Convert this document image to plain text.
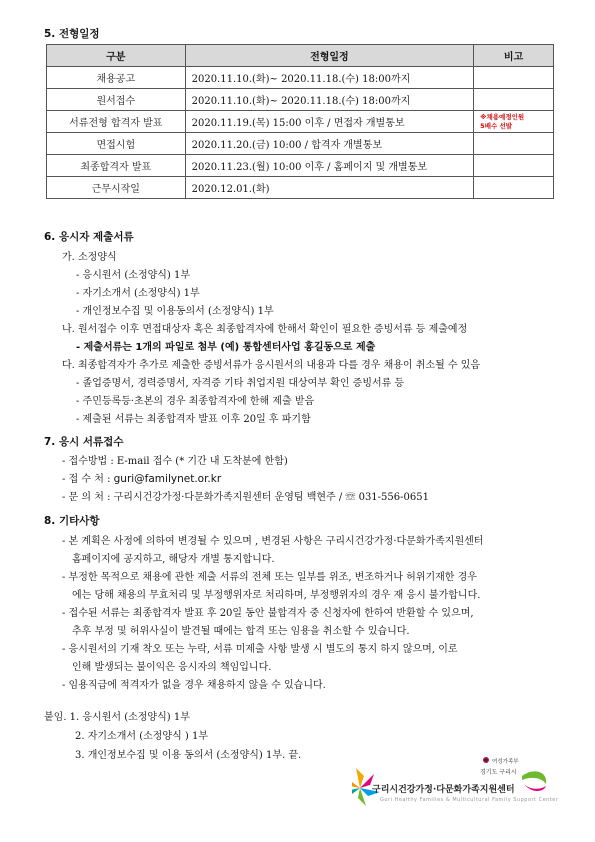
5. 전형일정
구분	전형일정	비고
채용공고	2020.11.10.(화)~ 2020.11.18.(수) 18:00까지	
원서접수	2020.11.10.(화)~ 2020.11.18.(수) 18:00까지	
서류전형 합격자 발표	2020.11.19.(목) 15:00 이후 / 면접자 개별통보	※채용예정인원
5배수 선발

면접시험	2020.11.20.(금) 10:00 / 합격자 개별통보	
최종합격자 발표	2020.11.23.(월) 10:00 이후 / 홈페이지 및 개별통보	
근무시작일	2020.12.01.(화)	
6. 응시자 제출서류
가. 소정양식
- 응시원서 (소정양식) 1부
- 자기소개서 (소정양식) 1부
- 개인정보수집 및 이용동의서 (소정양식) 1부
나. 원서접수 이후 면접대상자 혹은 최종합격자에 한해서 확인이 필요한 증빙서류 등 제출예정
- 제출서류는 1개의 파일로 첨부 (예) 통합센터사업 홍길동으로 제출
다. 최종합격자가 추가로 제출한 증빙서류가 응시원서의 내용과 다를 경우 채용이 취소될 수 있음
- 졸업증명서, 경력증명서, 자격증 기타 취업지원 대상여부 확인 증빙서류 등
- 주민등록등·초본의 경우 최종합격자에 한해 제출 받음
- 제출된 서류는 최종합격자 발표 이후 20일 후 파기함
7. 응시 서류접수
- 접수방법 : E-mail 접수 (* 기간 내 도착분에 한함)
- 접 수 처 : guri@familynet.or.kr
- 문 의 처 : 구리시건강가정·다문화가족지원센터 운영팀 백현주 / ☏ 031-556-0651
8. 기타사항
- 본 계획은 사정에 의하여 변경될 수 있으며 , 변경된 사항은 구리시건강가정·다문화가족지원센터
홈페이지에 공지하고, 해당자 개별 통지합니다.
- 부정한 목적으로 채용에 관한 제출 서류의 전체 또는 일부를 위조, 변조하거나 허위기재한 경우
에는 당해 채용의 무효처리 및 부정행위자로 처리하며, 부정행위자의 경우 재 응시 불가합니다.
- 접수된 서류는 최종합격자 발표 후 20일 동안 불합격자 중 신청자에 한하여 반환할 수 있으며,
추후 부정 및 허위사실이 발견될 때에는 합격 또는 임용을 취소할 수 있습니다.
- 응시원서의 기재 착오 또는 누락, 서류 미제출 사항 발생 시 별도의 통지 하지 않으며, 이로
인해 발생되는 불이익은 응시자의 책임입니다.
- 임용직급에 적격자가 없을 경우 채용하지 않을 수 있습니다.
붙임. 1. 응시원서 (소정양식) 1부
2. 자기소개서 (소정양식 ) 1부
3. 개인정보수집 및 이용 동의서 (소정양식) 1부. 끝.
여성가족부
경기도 구리시
구리시건강가정·다문화가족지원센터
Guri Healthy Families & Multicultural Family Support Center
